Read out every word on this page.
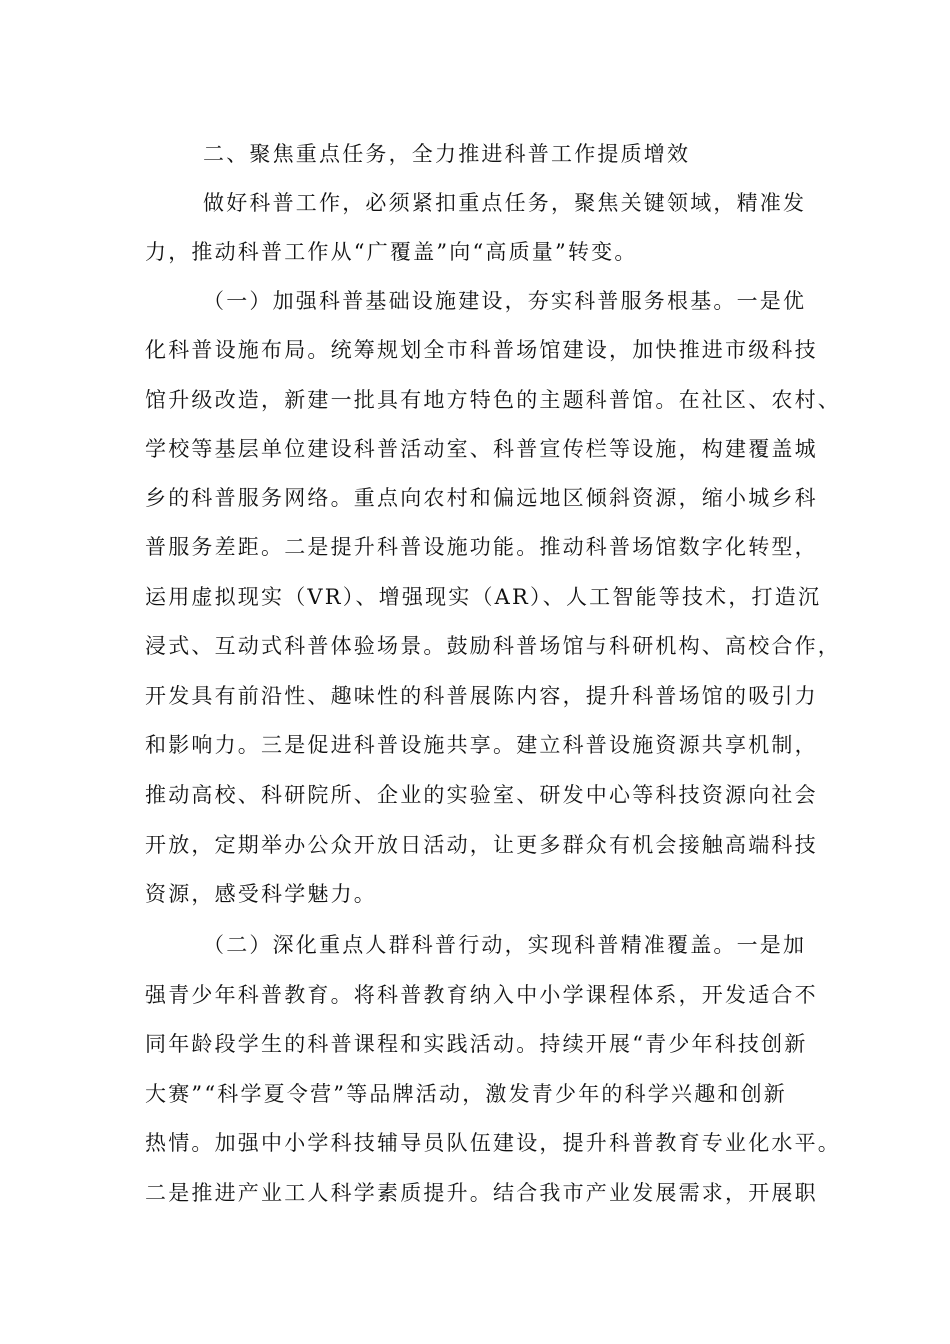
二、聚焦重点任务，全力推进科普工作提质增效
做好科普工作，必须紧扣重点任务，聚焦关键领域，精准发
力，推动科普工作从“广覆盖”向“高质量”转变。
（一）加强科普基础设施建设，夯实科普服务根基。一是优
化科普设施布局。统筹规划全市科普场馆建设，加快推进市级科技
馆升级改造，新建一批具有地方特色的主题科普馆。在社区、农村、
学校等基层单位建设科普活动室、科普宣传栏等设施，构建覆盖城
乡的科普服务网络。重点向农村和偏远地区倾斜资源，缩小城乡科
普服务差距。二是提升科普设施功能。推动科普场馆数字化转型，
运用虚拟现实（VR）、增强现实（AR）、人工智能等技术，打造沉
浸式、互动式科普体验场景。鼓励科普场馆与科研机构、高校合作，
开发具有前沿性、趣味性的科普展陈内容，提升科普场馆的吸引力
和影响力。三是促进科普设施共享。建立科普设施资源共享机制，
推动高校、科研院所、企业的实验室、研发中心等科技资源向社会
开放，定期举办公众开放日活动，让更多群众有机会接触高端科技
资源，感受科学魅力。
（二）深化重点人群科普行动，实现科普精准覆盖。一是加
强青少年科普教育。将科普教育纳入中小学课程体系，开发适合不
同年龄段学生的科普课程和实践活动。持续开展“青少年科技创新
大赛”“科学夏令营”等品牌活动，激发青少年的科学兴趣和创新
热情。加强中小学科技辅导员队伍建设，提升科普教育专业化水平。
二是推进产业工人科学素质提升。结合我市产业发展需求，开展职
